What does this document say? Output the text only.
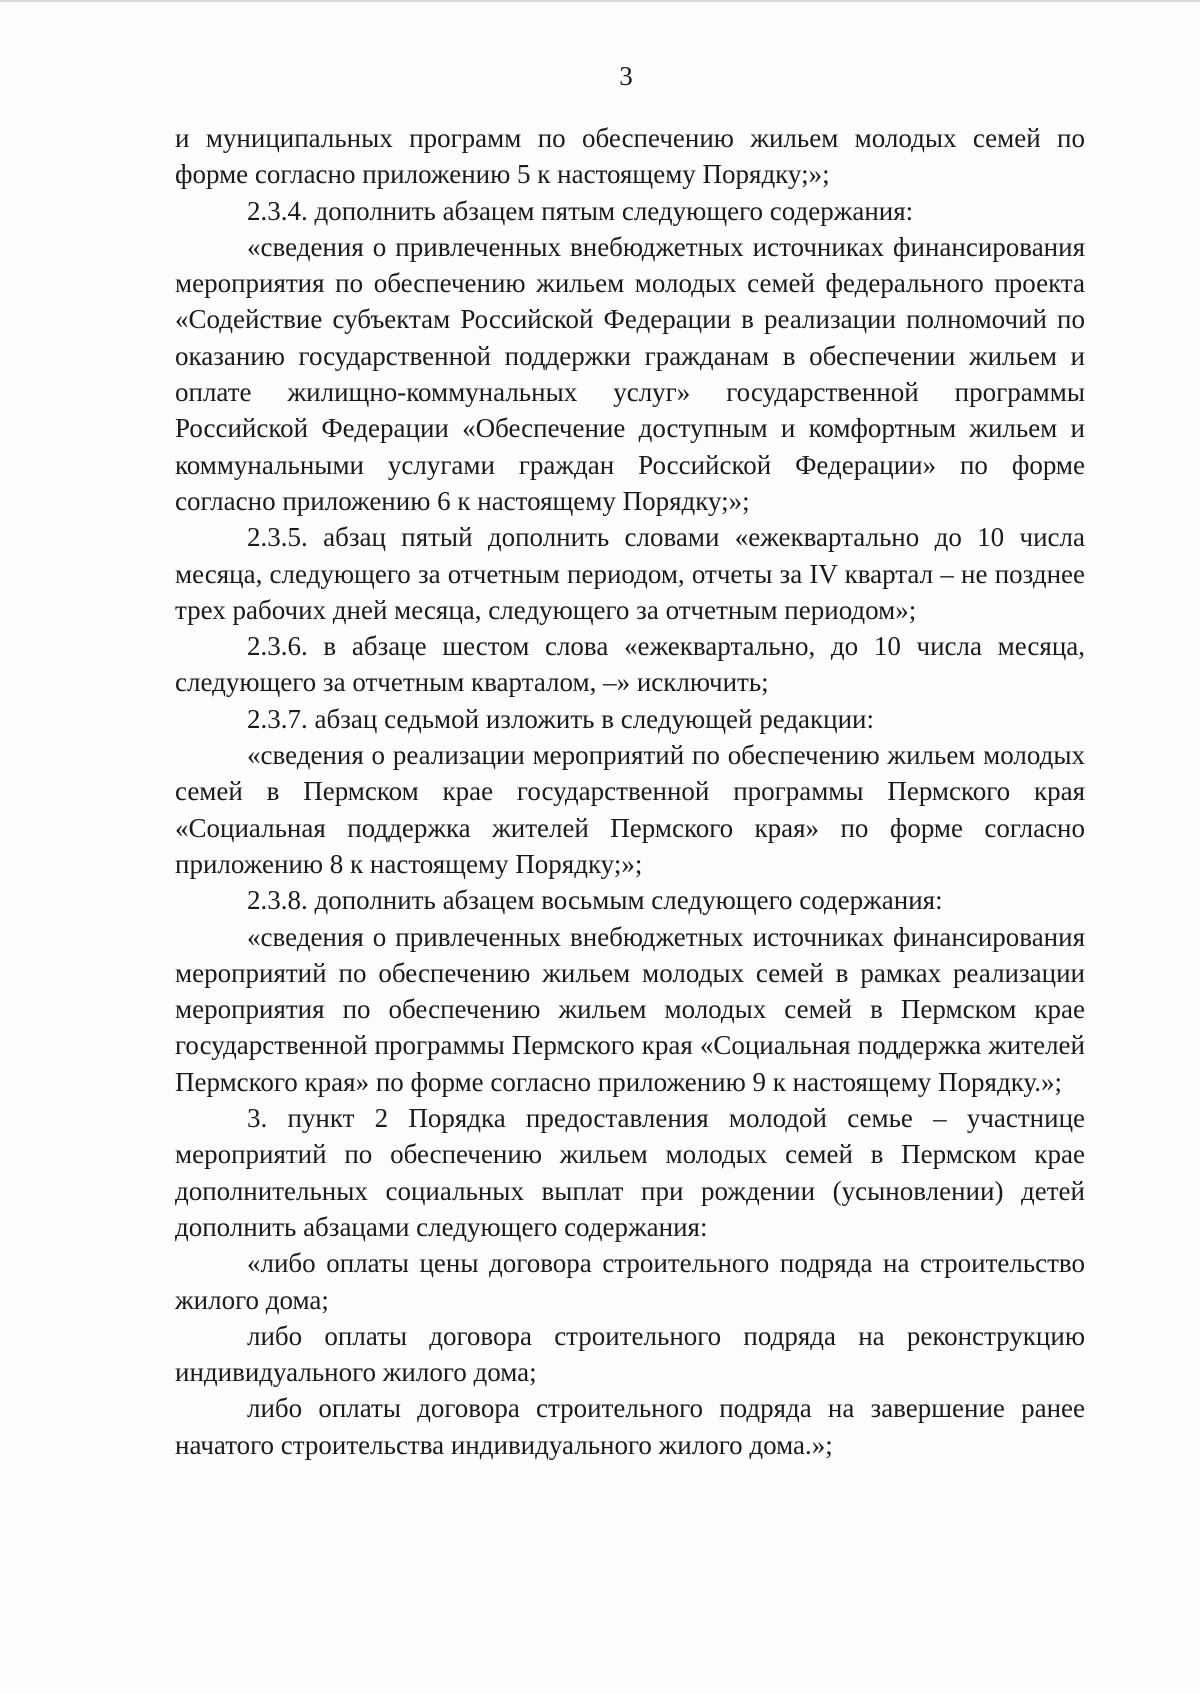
3

и муниципальных программ по обеспечению жильем молодых семей по форме согласно приложению 5 к настоящему Порядку;»;

2.3.4. дополнить абзацем пятым следующего содержания:

«сведения о привлеченных внебюджетных источниках финансирования мероприятия по обеспечению жильем молодых семей федерального проекта «Содействие субъектам Российской Федерации в реализации полномочий по оказанию государственной поддержки гражданам в обеспечении жильем и оплате жилищно-коммунальных услуг» государственной программы Российской Федерации «Обеспечение доступным и комфортным жильем и коммунальными услугами граждан Российской Федерации» по форме согласно приложению 6 к настоящему Порядку;»;

2.3.5. абзац пятый дополнить словами «ежеквартально до 10 числа месяца, следующего за отчетным периодом, отчеты за IV квартал – не позднее трех рабочих дней месяца, следующего за отчетным периодом»;

2.3.6. в абзаце шестом слова «ежеквартально, до 10 числа месяца, следующего за отчетным кварталом, –» исключить;

2.3.7. абзац седьмой изложить в следующей редакции:

«сведения о реализации мероприятий по обеспечению жильем молодых семей в Пермском крае государственной программы Пермского края «Социальная поддержка жителей Пермского края» по форме согласно приложению 8 к настоящему Порядку;»;

2.3.8. дополнить абзацем восьмым следующего содержания:

«сведения о привлеченных внебюджетных источниках финансирования мероприятий по обеспечению жильем молодых семей в рамках реализации мероприятия по обеспечению жильем молодых семей в Пермском крае государственной программы Пермского края «Социальная поддержка жителей Пермского края» по форме согласно приложению 9 к настоящему Порядку.»;

3. пункт 2 Порядка предоставления молодой семье – участнице мероприятий по обеспечению жильем молодых семей в Пермском крае дополнительных социальных выплат при рождении (усыновлении) детей дополнить абзацами следующего содержания:

«либо оплаты цены договора строительного подряда на строительство жилого дома;

либо оплаты договора строительного подряда на реконструкцию индивидуального жилого дома;

либо оплаты договора строительного подряда на завершение ранее начатого строительства индивидуального жилого дома.»;
